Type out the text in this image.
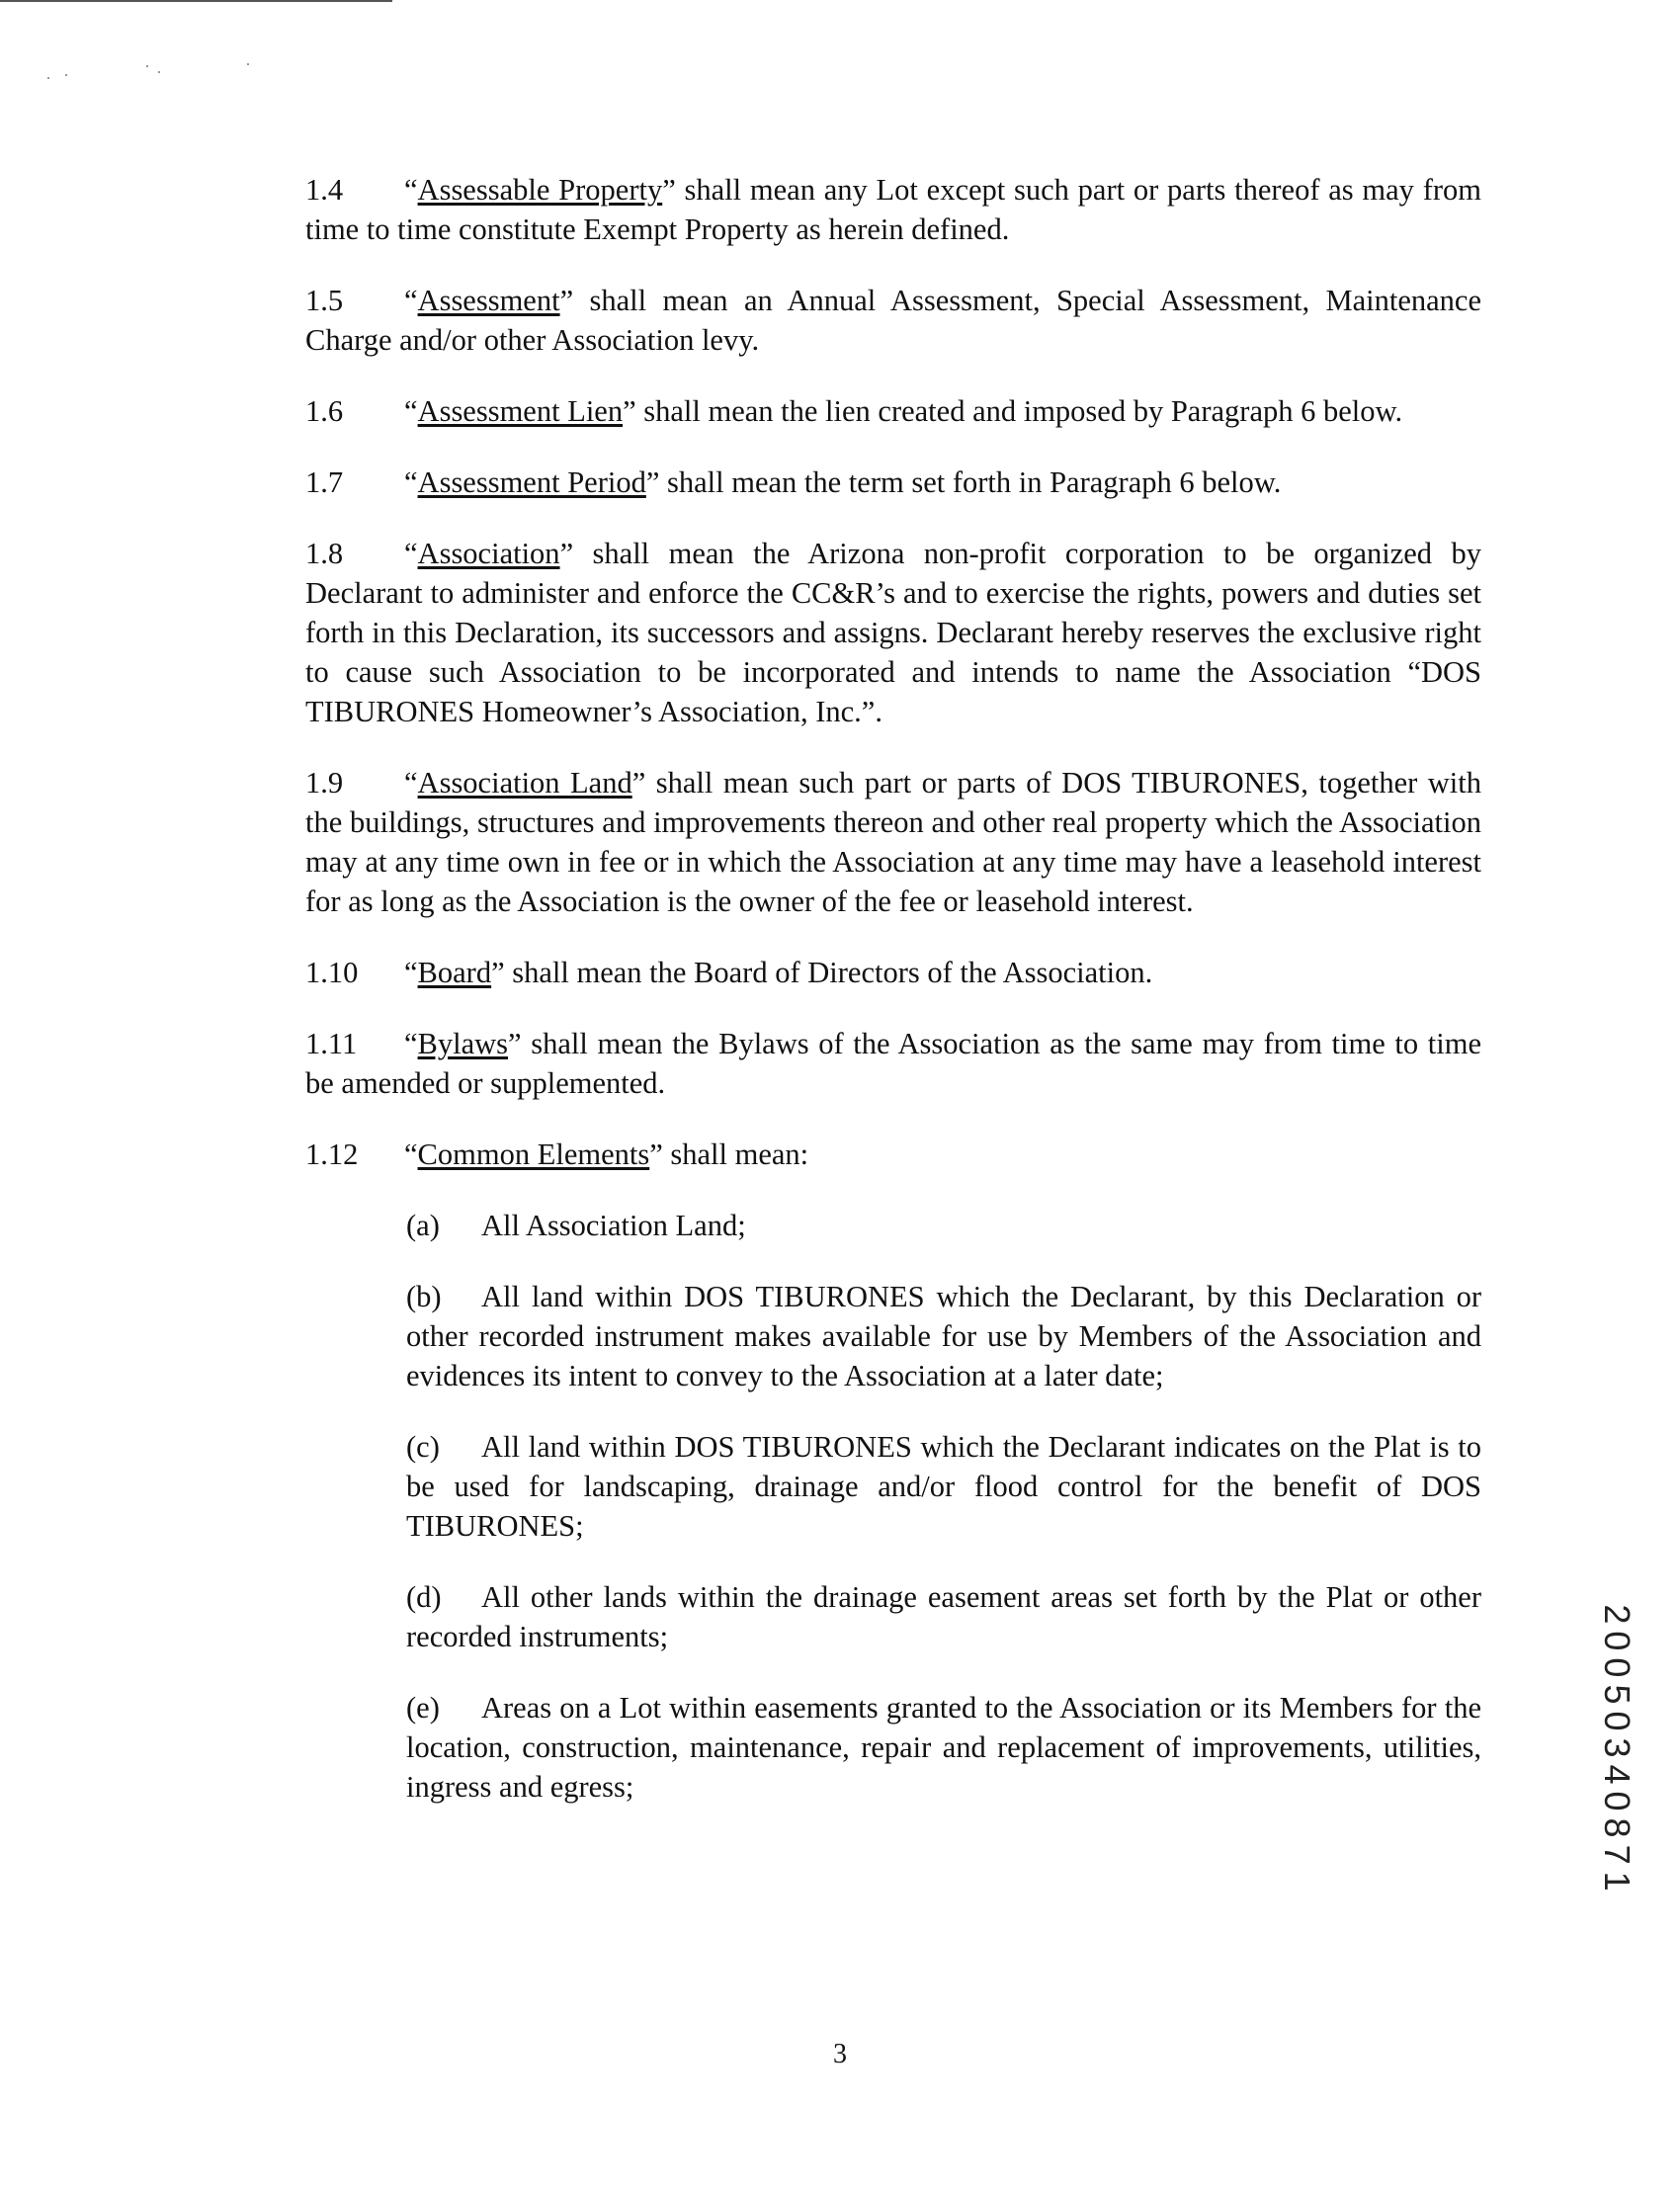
1.4 “Assessable Property” shall mean any Lot except such part or parts thereof as may from time to time constitute Exempt Property as herein defined.

1.5 “Assessment” shall mean an Annual Assessment, Special Assessment, Maintenance Charge and/or other Association levy.

1.6 “Assessment Lien” shall mean the lien created and imposed by Paragraph 6 below.

1.7 “Assessment Period” shall mean the term set forth in Paragraph 6 below.

1.8 “Association” shall mean the Arizona non-profit corporation to be organized by Declarant to administer and enforce the CC&R’s and to exercise the rights, powers and duties set forth in this Declaration, its successors and assigns. Declarant hereby reserves the exclusive right to cause such Association to be incorporated and intends to name the Association “DOS TIBURONES Homeowner’s Association, Inc.”.

1.9 “Association Land” shall mean such part or parts of DOS TIBURONES, together with the buildings, structures and improvements thereon and other real property which the Association may at any time own in fee or in which the Association at any time may have a leasehold interest for as long as the Association is the owner of the fee or leasehold interest.

1.10 “Board” shall mean the Board of Directors of the Association.

1.11 “Bylaws” shall mean the Bylaws of the Association as the same may from time to time be amended or supplemented.

1.12 “Common Elements” shall mean:

(a) All Association Land;

(b) All land within DOS TIBURONES which the Declarant, by this Declaration or other recorded instrument makes available for use by Members of the Association and evidences its intent to convey to the Association at a later date;

(c) All land within DOS TIBURONES which the Declarant indicates on the Plat is to be used for landscaping, drainage and/or flood control for the benefit of DOS TIBURONES;

(d) All other lands within the drainage easement areas set forth by the Plat or other recorded instruments;

(e) Areas on a Lot within easements granted to the Association or its Members for the location, construction, maintenance, repair and replacement of improvements, utilities, ingress and egress;	20050340871
3
